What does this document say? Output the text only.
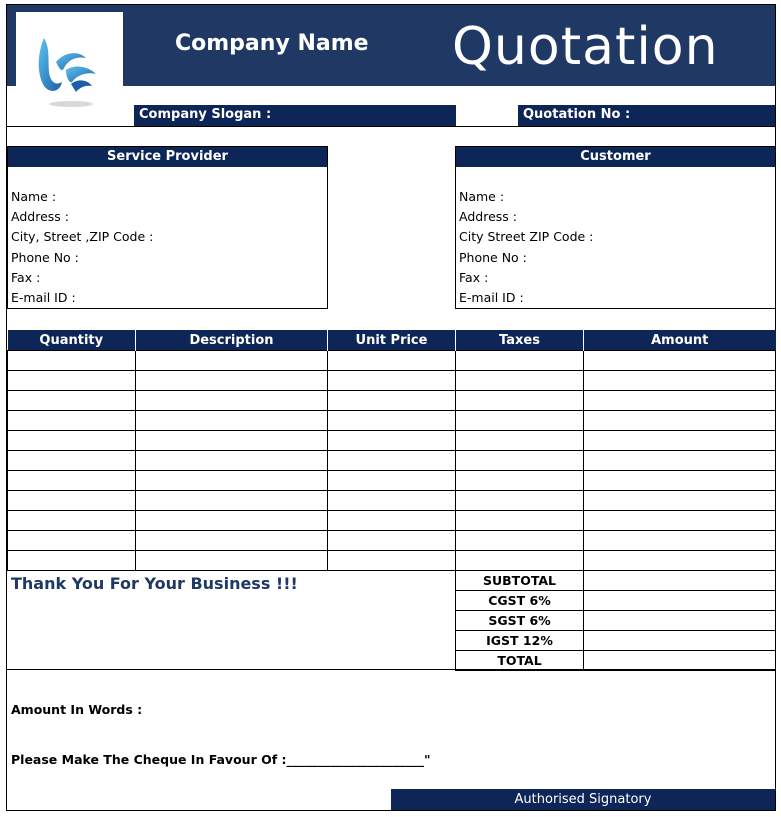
Company Name Quotation
Company Slogan :	Quotation No :
Service Provider
Name :
Address :
City, Street ,ZIP Code :
Phone No :
Fax :
E-mail ID :
Customer
Name :
Address :
City Street ZIP Code :
Phone No :
Fax :
E-mail ID :
Quantity	Description	Unit Price	Taxes	Amount

Thank You For Your Business !!!	SUBTOTAL	
CGST 6%	
SGST 6%	
IGST 12%	
TOTAL	
Amount In Words :
Please Make The Cheque In Favour Of :______________________"
Authorised Signatory
